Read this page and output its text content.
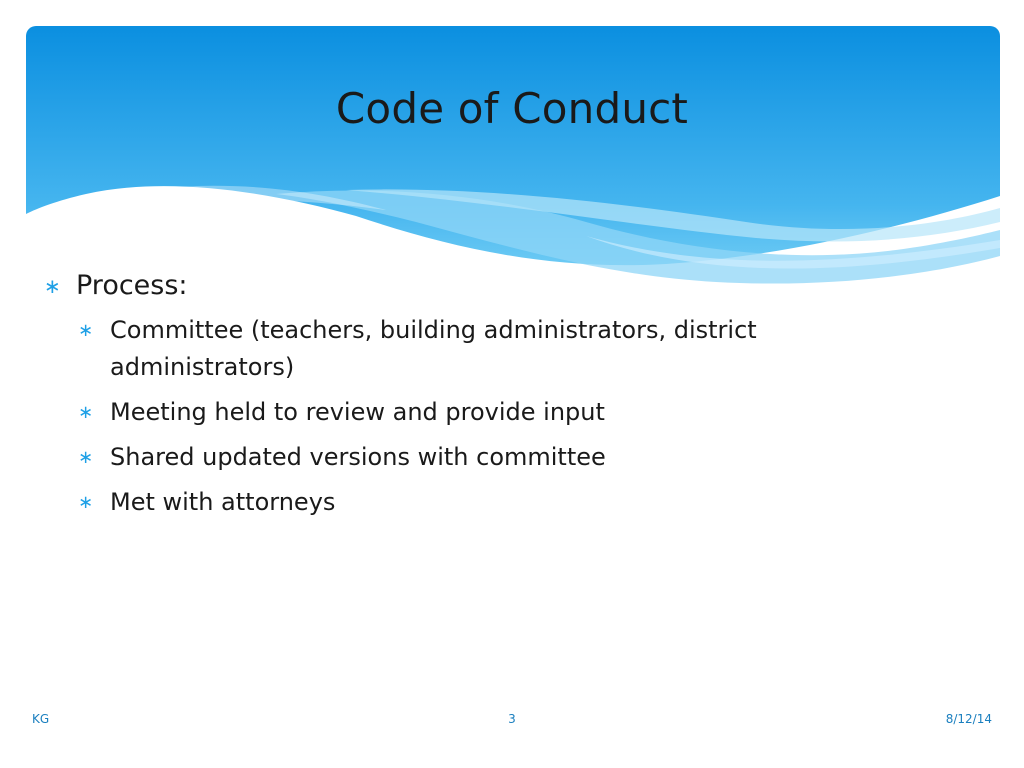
Code of Conduct
∗ Process:
∗ Committee (teachers, building administrators, district administrators)
∗ Meeting held to review and provide input
∗ Shared updated versions with committee
∗ Met with attorneys
KG	3	8/12/14
